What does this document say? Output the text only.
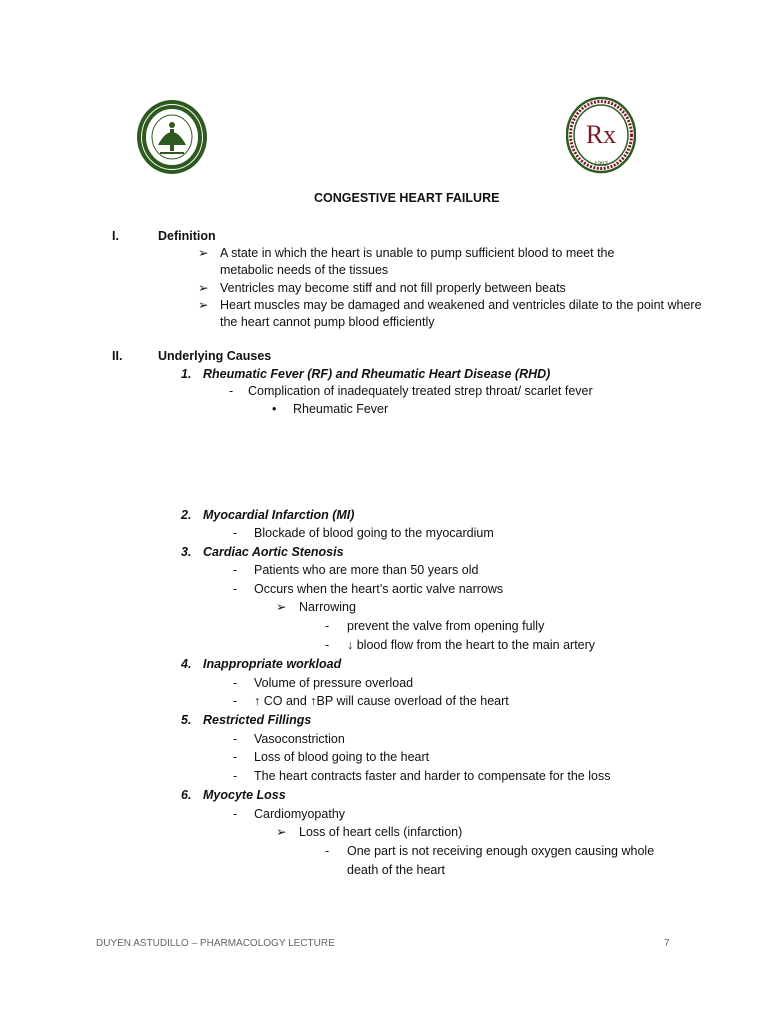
Rx
1993
CONGESTIVE HEART FAILURE
I.	Definition
➢ A state in which the heart is unable to pump sufficient blood to meet the
metabolic needs of the tissues
➢ Ventricles may become stiff and not fill properly between beats
➢ Heart muscles may be damaged and weakened and ventricles dilate to the point where
the heart cannot pump blood efficiently
II.	Underlying Causes
1. Rheumatic Fever (RF) and Rheumatic Heart Disease (RHD)
- Complication of inadequately treated strep throat/ scarlet fever
• Rheumatic Fever
2. Myocardial Infarction (MI)
- Blockade of blood going to the myocardium
3. Cardiac Aortic Stenosis
- Patients who are more than 50 years old
- Occurs when the heart’s aortic valve narrows
➢ Narrowing
- prevent the valve from opening fully
- ↓ blood flow from the heart to the main artery
4. Inappropriate workload
- Volume of pressure overload
- ↑ CO and ↑BP will cause overload of the heart
5. Restricted Fillings
- Vasoconstriction
- Loss of blood going to the heart
- The heart contracts faster and harder to compensate for the loss
6. Myocyte Loss
- Cardiomyopathy
➢ Loss of heart cells (infarction)
- One part is not receiving enough oxygen causing whole
death of the heart
DUYEN ASTUDILLO – PHARMACOLOGY LECTURE	7
